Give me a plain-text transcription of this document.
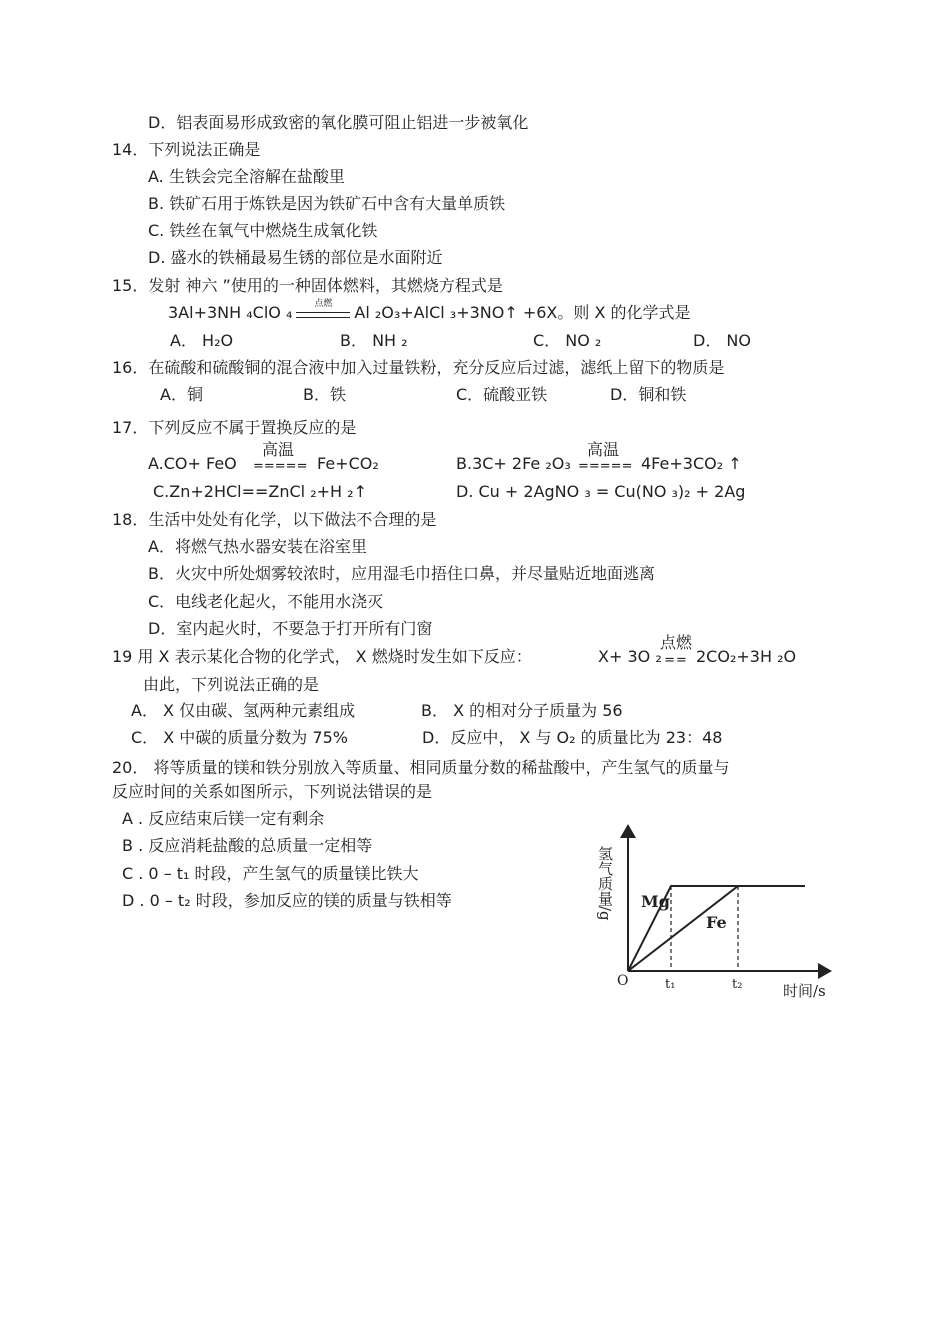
D．铝表面易形成致密的氧化膜可阻止铝进一步被氧化
14．下列说法正确是
A. 生铁会完全溶解在盐酸里
B. 铁矿石用于炼铁是因为铁矿石中含有大量单质铁
C. 铁丝在氧气中燃烧生成氧化铁
D. 盛水的铁桶最易生锈的部位是水面附近
15．发射 神六 ”使用的一种固体燃料，其燃烧方程式是
3Al+3NH ₄ClO ₄	点燃	Al ₂O₃+AlCl ₃+3NO↑ +6X。则 X 的化学式是
A． H₂O	B． NH ₂	C． NO ₂	D． NO
16．在硫酸和硫酸铜的混合液中加入过量铁粉，充分反应后过滤，滤纸上留下的物质是
A．铜	B．铁	C．硫酸亚铁	D．铜和铁
17．下列反应不属于置换反应的是
高温	高温
A.CO+ FeO ===== Fe+CO₂	B.3C+ 2Fe ₂O₃ ===== 4Fe+3CO₂ ↑
C.Zn+2HCl==ZnCl ₂+H ₂↑	D. Cu + 2AgNO ₃ = Cu(NO ₃)₂ + 2Ag
18．生活中处处有化学，以下做法不合理的是
A．将燃气热水器安装在浴室里
B．火灾中所处烟雾较浓时，应用湿毛巾捂住口鼻，并尽量贴近地面逃离
C．电线老化起火，不能用水浇灭
D．室内起火时，不要急于打开所有门窗
19 用 X 表示某化合物的化学式， X 燃烧时发生如下反应：
点燃
==
X+ 3O ₂ 2CO₂+3H ₂O
由此，下列说法正确的是
A． X 仅由碳、氢两种元素组成	B． X 的相对分子质量为 56
C． X 中碳的质量分数为 75%	D．反应中， X 与 O₂ 的质量比为 23：48
20． 将等质量的镁和铁分别放入等质量、相同质量分数的稀盐酸中，产生氢气的质量与
反应时间的关系如图所示，下列说法错误的是
A . 反应结束后镁一定有剩余
B . 反应消耗盐酸的总质量一定相等
C . 0 – t₁ 时段，产生氢气的质量镁比铁大
D . 0 – t₂ 时段，参加反应的镁的质量与铁相等	氢气质量/g
时间/s
O
Mg
Fe
t₁	t₂
